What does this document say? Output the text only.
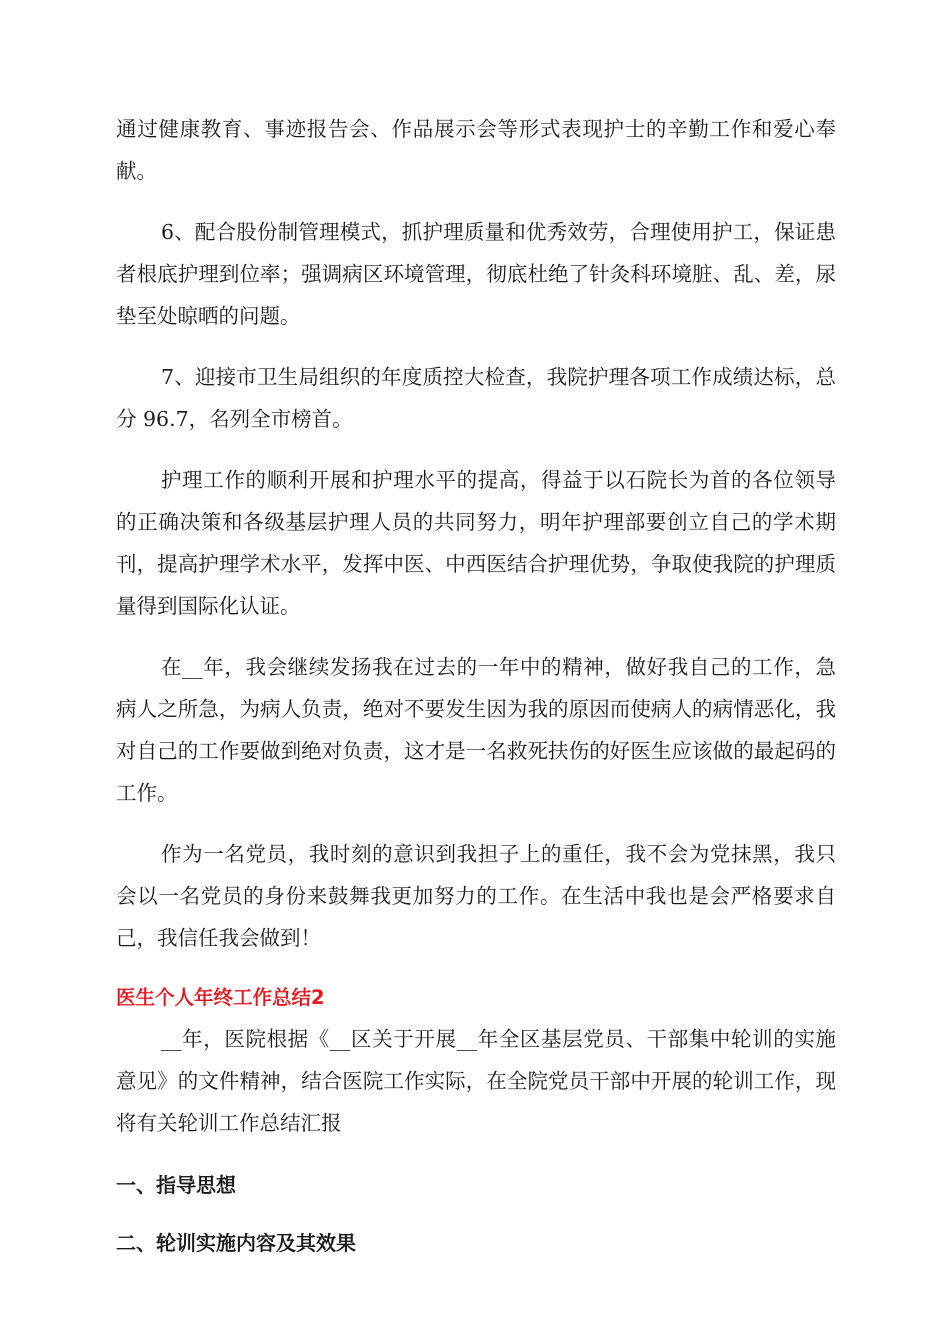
通过健康教育、事迹报告会、作品展示会等形式表现护士的辛勤工作和爱心奉献。

6、配合股份制管理模式，抓护理质量和优秀效劳，合理使用护工，保证患者根底护理到位率；强调病区环境管理，彻底杜绝了针灸科环境脏、乱、差，尿垫至处晾晒的问题。

7、迎接市卫生局组织的年度质控大检查，我院护理各项工作成绩达标，总分 96.7，名列全市榜首。

护理工作的顺利开展和护理水平的提高，得益于以石院长为首的各位领导的正确决策和各级基层护理人员的共同努力，明年护理部要创立自己的学术期刊，提高护理学术水平，发挥中医、中西医结合护理优势，争取使我院的护理质量得到国际化认证。

在__年，我会继续发扬我在过去的一年中的精神，做好我自己的工作，急病人之所急，为病人负责，绝对不要发生因为我的原因而使病人的病情恶化，我对自己的工作要做到绝对负责，这才是一名救死扶伤的好医生应该做的最起码的工作。

作为一名党员，我时刻的意识到我担子上的重任，我不会为党抹黑，我只会以一名党员的身份来鼓舞我更加努力的工作。在生活中我也是会严格要求自己，我信任我会做到！

医生个人年终工作总结2

__年，医院根据《__区关于开展__年全区基层党员、干部集中轮训的实施意见》的文件精神，结合医院工作实际，在全院党员干部中开展的轮训工作，现将有关轮训工作总结汇报

一、指导思想
二、轮训实施内容及其效果
